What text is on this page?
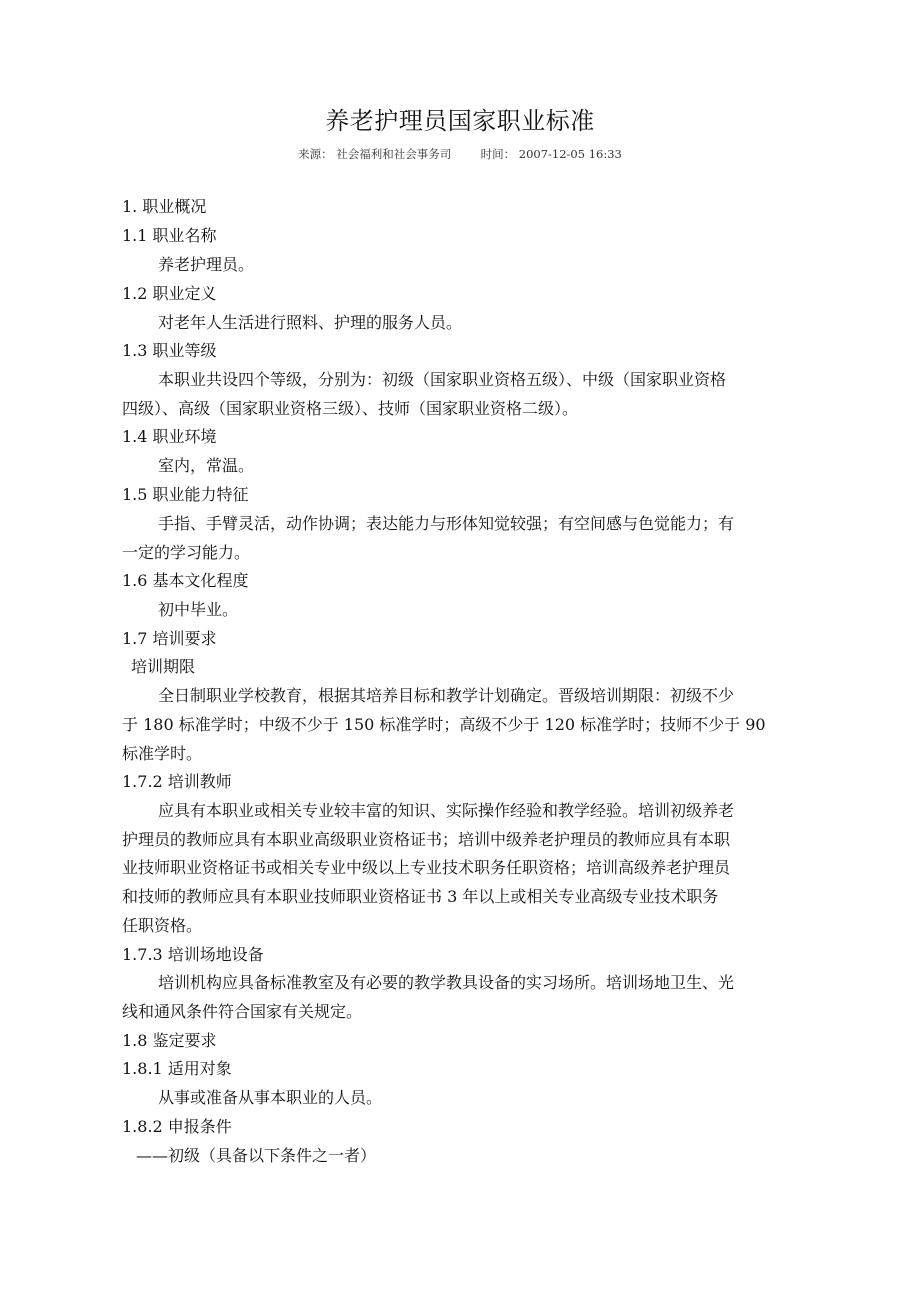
养老护理员国家职业标准
来源： 社会福利和社会事务司	时间： 2007-12-05 16:33
1. 职业概况
1.1 职业名称
养老护理员。
1.2 职业定义
对老年人生活进行照料、护理的服务人员。
1.3 职业等级
本职业共设四个等级，分别为：初级（国家职业资格五级）、中级（国家职业资格
四级）、高级（国家职业资格三级）、技师（国家职业资格二级）。
1.4 职业环境
室内，常温。
1.5 职业能力特征
手指、手臂灵活，动作协调；表达能力与形体知觉较强；有空间感与色觉能力；有
一定的学习能力。
1.6 基本文化程度
初中毕业。
1.7 培训要求
培训期限
全日制职业学校教育，根据其培养目标和教学计划确定。晋级培训期限：初级不少
于 180 标准学时；中级不少于 150 标准学时；高级不少于 120 标准学时；技师不少于 90
标准学时。
1.7.2 培训教师
应具有本职业或相关专业较丰富的知识、实际操作经验和教学经验。培训初级养老
护理员的教师应具有本职业高级职业资格证书；培训中级养老护理员的教师应具有本职
业技师职业资格证书或相关专业中级以上专业技术职务任职资格；培训高级养老护理员
和技师的教师应具有本职业技师职业资格证书 3 年以上或相关专业高级专业技术职务
任职资格。
1.7.3 培训场地设备
培训机构应具备标准教室及有必要的教学教具设备的实习场所。培训场地卫生、光
线和通风条件符合国家有关规定。
1.8 鉴定要求
1.8.1 适用对象
从事或准备从事本职业的人员。
1.8.2 申报条件
——初级（具备以下条件之一者）
